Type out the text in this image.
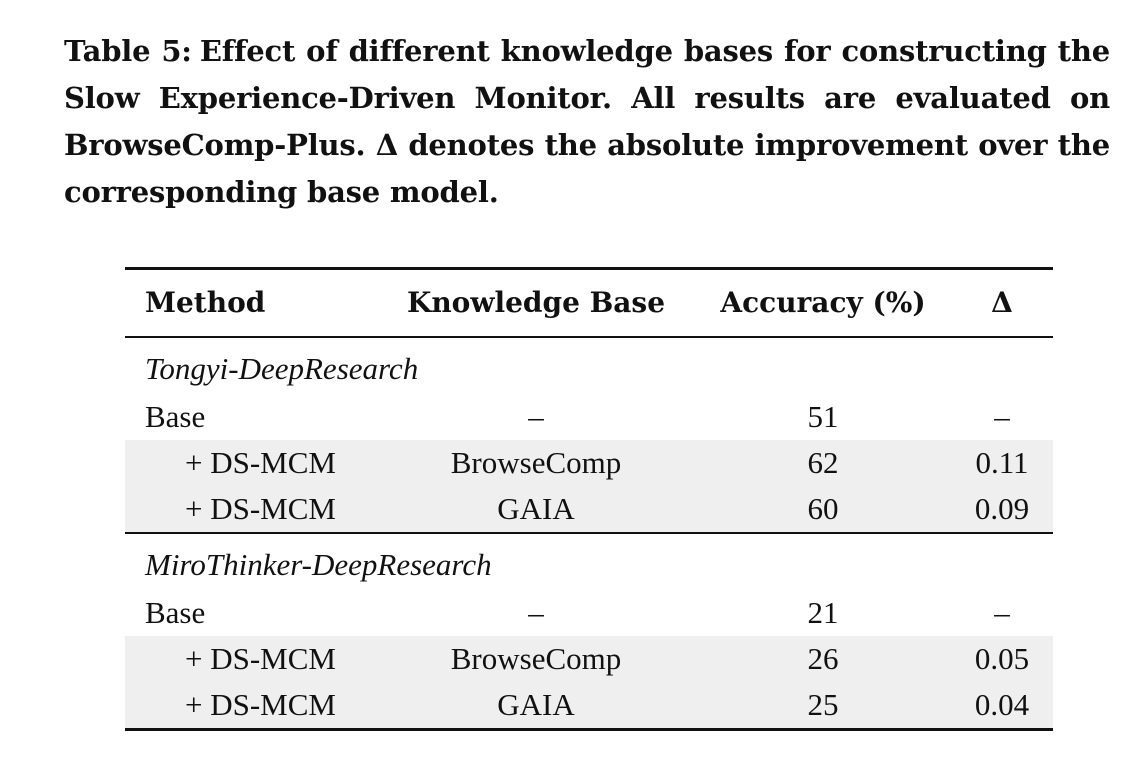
Table 5: Effect of different knowledge bases for constructing the Slow Experience-Driven Monitor. All results are evaluated on BrowseComp-Plus. Δ denotes the absolute improvement over the corresponding base model.
Method	Knowledge Base	Accuracy (%)	Δ
Tongyi-DeepResearch
Base	–	51	–
+ DS-MCM	BrowseComp	62	0.11
+ DS-MCM	GAIA	60	0.09
MiroThinker-DeepResearch
Base	–	21	–
+ DS-MCM	BrowseComp	26	0.05
+ DS-MCM	GAIA	25	0.04
